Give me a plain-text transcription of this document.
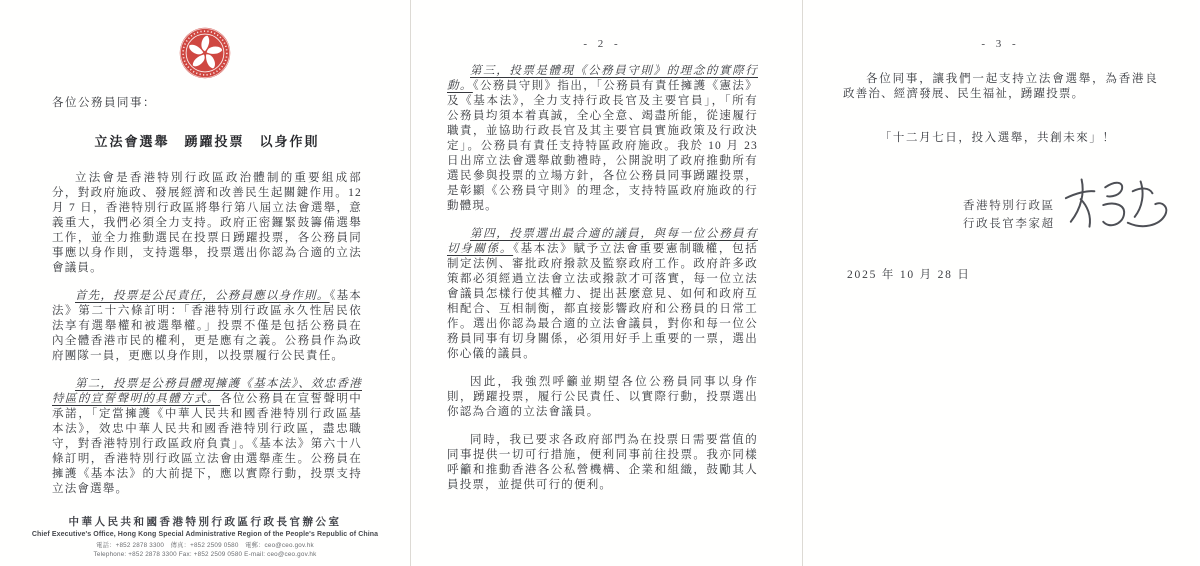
各位公務員同事：
立法會選舉　踴躍投票　以身作則

立法會是香港特別行政區政治體制的重要組成部分，對政府施政、發展經濟和改善民生起關鍵作用。12 月 7 日，香港特別行政區將舉行第八屆立法會選舉，意義重大，我們必須全力支持。政府正密鑼緊鼓籌備選舉工作，並全力推動選民在投票日踴躍投票，各公務員同事應以身作則，支持選舉，投票選出你認為合適的立法會議員。

首先，投票是公民責任，公務員應以身作則。《基本法》第二十六條訂明：「香港特別行政區永久性居民依法享有選舉權和被選舉權。」投票不僅是包括公務員在內全體香港市民的權利，更是應有之義。公務員作為政府團隊一員，更應以身作則，以投票履行公民責任。

第二，投票是公務員體現擁護《基本法》、效忠香港特區的宣誓聲明的具體方式。各位公務員在宣誓聲明中承諾，「定當擁護《中華人民共和國香港特別行政區基本法》，效忠中華人民共和國香港特別行政區，盡忠職守，對香港特別行政區政府負責」。《基本法》第六十八條訂明，香港特別行政區立法會由選舉產生。公務員在擁護《基本法》的大前提下，應以實際行動，投票支持立法會選舉。

中華人民共和國香港特別行政區行政長官辦公室
Chief Executive's Office, Hong Kong Special Administrative Region of the People's Republic of China
電話：+852 2878 3300　傳真：+852 2509 0580　電郵：ceo@ceo.gov.hk
Telephone: +852 2878 3300 Fax: +852 2509 0580 E-mail: ceo@ceo.gov.hk
- 2 -

第三，投票是體現《公務員守則》的理念的實際行動。《公務員守則》指出，「公務員有責任擁護《憲法》及《基本法》，全力支持行政長官及主要官員」，「所有公務員均須本着真誠，全心全意、竭盡所能，從速履行職責，並協助行政長官及其主要官員實施政策及行政決定」。公務員有責任支持特區政府施政。我於 10 月 23 日出席立法會選舉啟動禮時，公開說明了政府推動所有選民參與投票的立場方針，各位公務員同事踴躍投票，是彰顯《公務員守則》的理念，支持特區政府施政的行動體現。

第四，投票選出最合適的議員，與每一位公務員有切身關係。《基本法》賦予立法會重要憲制職權，包括制定法例、審批政府撥款及監察政府工作。政府許多政策都必須經過立法會立法或撥款才可落實，每一位立法會議員怎樣行使其權力、提出甚麼意見、如何和政府互相配合、互相制衡，都直接影響政府和公務員的日常工作。選出你認為最合適的立法會議員，對你和每一位公務員同事有切身關係，必須用好手上重要的一票，選出你心儀的議員。

因此，我強烈呼籲並期望各位公務員同事以身作則，踴躍投票，履行公民責任、以實際行動，投票選出你認為合適的立法會議員。

同時，我已要求各政府部門為在投票日需要當值的同事提供一切可行措施，便利同事前往投票。我亦同樣呼籲和推動香港各公私營機構、企業和組織，鼓勵其人員投票，並提供可行的便利。

- 3 -

各位同事，讓我們一起支持立法會選舉，為香港良政善治、經濟發展、民生福祉，踴躍投票。

「十二月七日，投入選舉，共創未來」！
香港特別行政區
行政長官李家超
2025 年 10 月 28 日
